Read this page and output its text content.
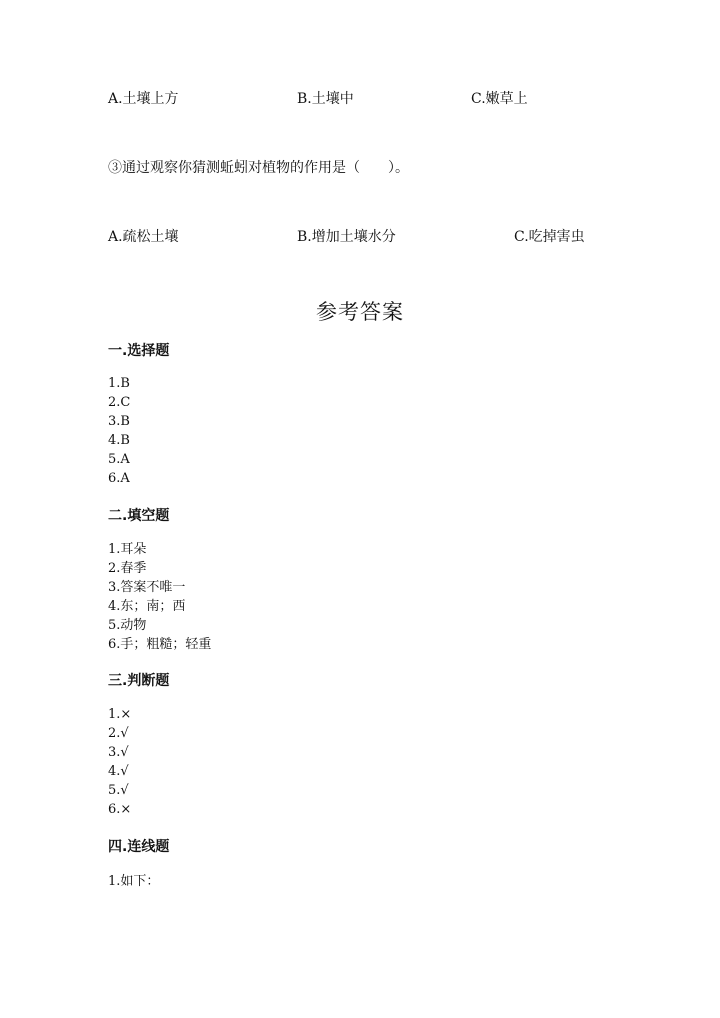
A.土壤上方	B.土壤中	C.嫩草上
③通过观察你猜测蚯蚓对植物的作用是（　　）。
A.疏松土壤	B.增加土壤水分	C.吃掉害虫
参考答案
一.选择题
1.B
2.C
3.B
4.B
5.A
6.A
二.填空题
1.耳朵
2.春季
3.答案不唯一
4.东；南；西
5.动物
6.手；粗糙；轻重
三.判断题
1.×
2.√
3.√
4.√
5.√
6.×
四.连线题
1.如下：
